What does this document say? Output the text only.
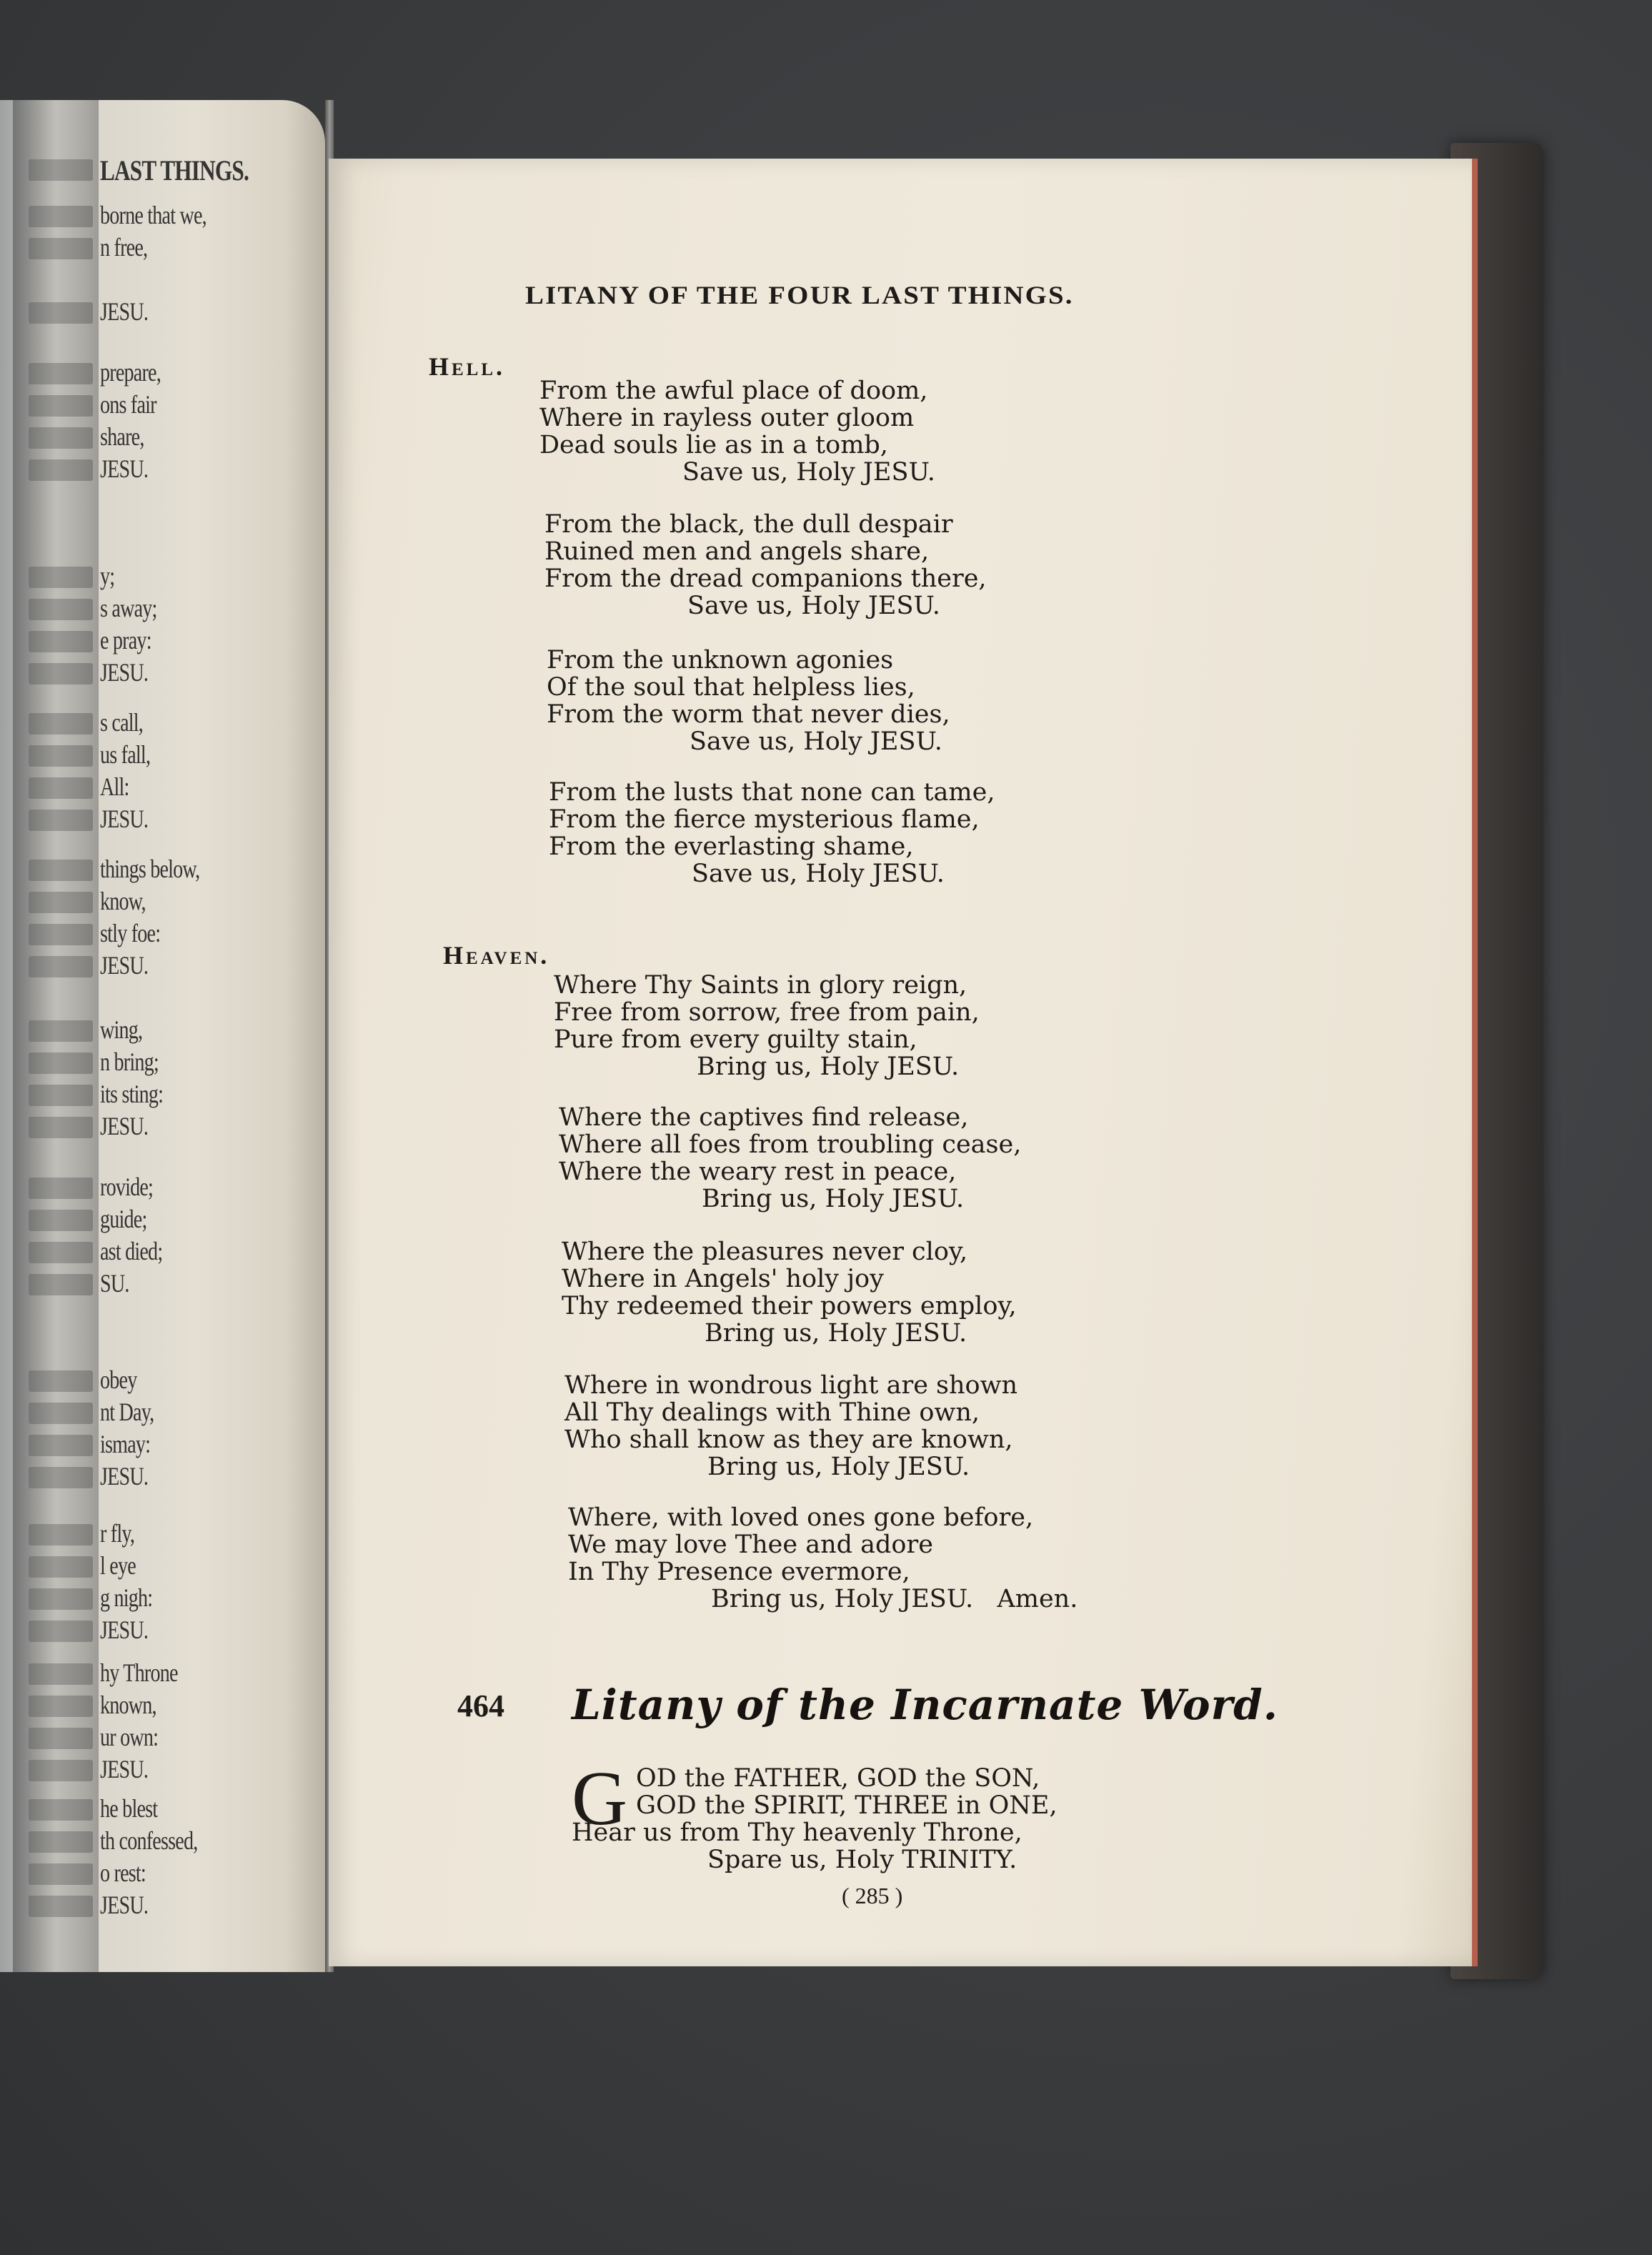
LAST THINGS.
borne that we,
n free,
JESU.
prepare,
ons fair
share,
JESU.
y;
s away;
e pray:
JESU.
s call,
us fall,
All:
JESU.
things below,
know,
stly foe:
JESU.
wing,
n bring;
its sting:
JESU.
rovide;
guide;
ast died;
SU.
obey
nt Day,
ismay:
JESU.
r fly,
l eye
g nigh:
JESU.
hy Throne
known,
ur own:
JESU.
he blest
th confessed,
o rest:
JESU.
LITANY OF THE FOUR LAST THINGS.
Hell.
From the awful place of doom,
Where in rayless outer gloom
Dead souls lie as in a tomb,
Save us, Holy JESU.
From the black, the dull despair
Ruined men and angels share,
From the dread companions there,
Save us, Holy JESU.
From the unknown agonies
Of the soul that helpless lies,
From the worm that never dies,
Save us, Holy JESU.
From the lusts that none can tame,
From the fierce mysterious flame,
From the everlasting shame,
Save us, Holy JESU.
Heaven.
Where Thy Saints in glory reign,
Free from sorrow, free from pain,
Pure from every guilty stain,
Bring us, Holy JESU.
Where the captives find release,
Where all foes from troubling cease,
Where the weary rest in peace,
Bring us, Holy JESU.
Where the pleasures never cloy,
Where in Angels' holy joy
Thy redeemed their powers employ,
Bring us, Holy JESU.
Where in wondrous light are shown
All Thy dealings with Thine own,
Who shall know as they are known,
Bring us, Holy JESU.
Where, with loved ones gone before,
We may love Thee and adore
In Thy Presence evermore,
Bring us, Holy JESU.   Amen.
464 Litany of the Incarnate Word.
G OD the FATHER, GOD the SON,
GOD the SPIRIT, THREE in ONE,
Hear us from Thy heavenly Throne,
Spare us, Holy TRINITY.
( 285 )
